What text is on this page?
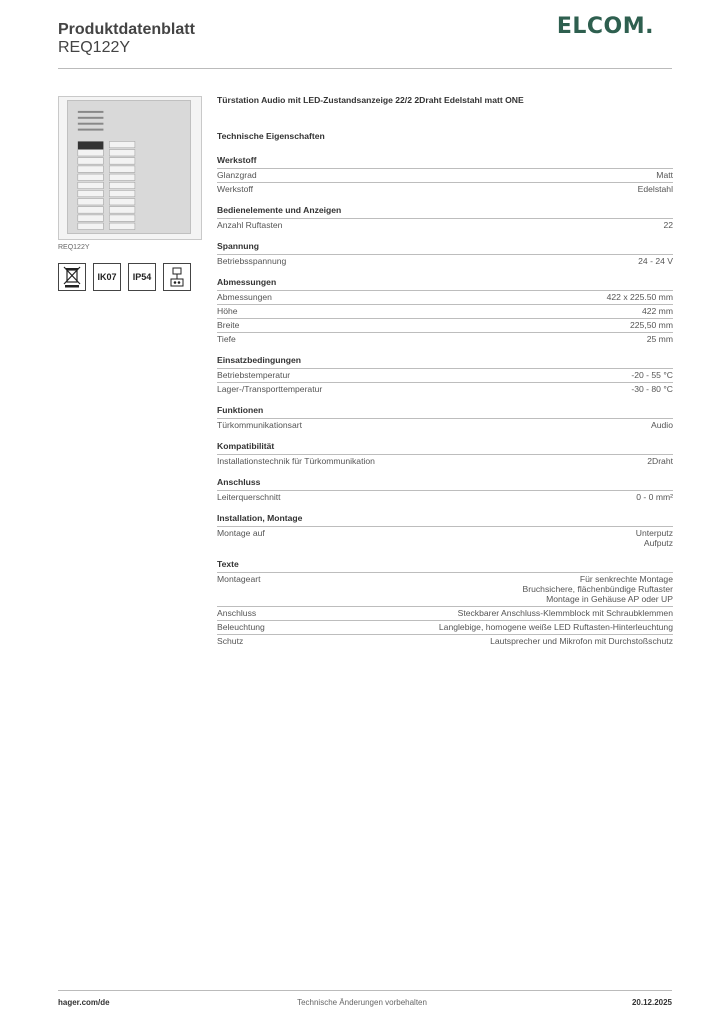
Produktdatenblatt
REQ122Y
ELCOM.
REQ122Y
IK07	IP54
Türstation Audio mit LED-Zustandsanzeige 22/2 2Draht Edelstahl matt ONE
Technische Eigenschaften
Werkstoff
Glanzgrad	Matt
Werkstoff	Edelstahl
Bedienelemente und Anzeigen
Anzahl Ruftasten	22
Spannung
Betriebsspannung	24 - 24 V
Abmessungen
Abmessungen	422 x 225.50 mm
Höhe	422 mm
Breite	225,50 mm
Tiefe	25 mm
Einsatzbedingungen
Betriebstemperatur	-20 - 55 °C
Lager-/Transporttemperatur	-30 - 80 °C
Funktionen
Türkommunikationsart	Audio
Kompatibilität
Installationstechnik für Türkommunikation	2Draht
Anschluss
Leiterquerschnitt	0 - 0 mm²
Installation, Montage
Montage auf	Unterputz
Aufputz
Texte
Montageart	Für senkrechte Montage
Bruchsichere, flächenbündige Ruftaster
Montage in Gehäuse AP oder UP
Anschluss	Steckbarer Anschluss-Klemmblock mit Schraubklemmen
Beleuchtung	Langlebige, homogene weiße LED Ruftasten-Hinterleuchtung
Schutz	Lautsprecher und Mikrofon mit Durchstoßschutz
hager.com/de	Technische Änderungen vorbehalten	20.12.2025
